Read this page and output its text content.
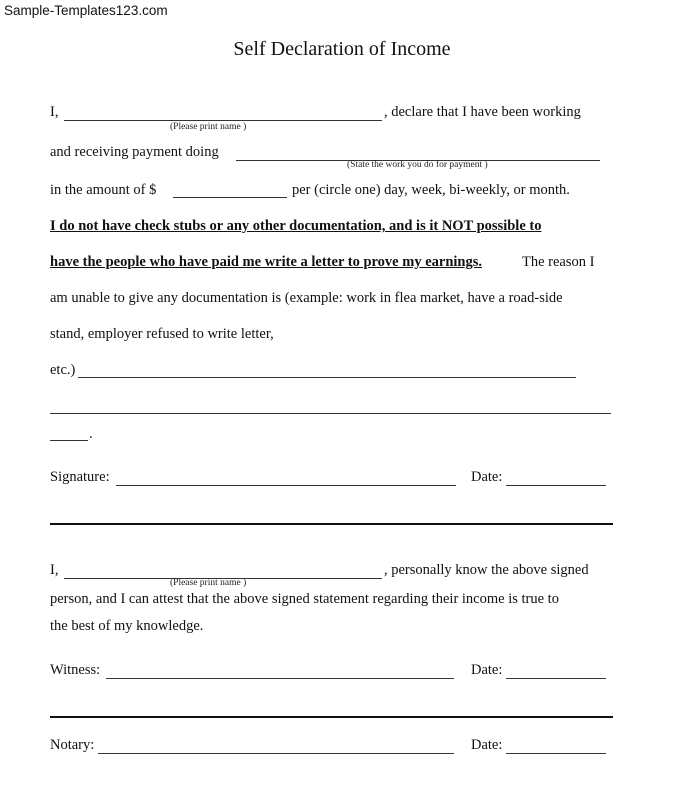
Sample-Templates123.com
Self Declaration of Income
I,	, declare that I have been working
(Please print name )
and receiving payment doing
(State the work you do for payment )
in the amount of $	per (circle one) day, week, bi-weekly, or month.
I do not have check stubs or any other documentation, and is it NOT possible to
have the people who have paid me write a letter to prove my earnings.	The reason I
am unable to give any documentation is (example: work in flea market, have a road-side
stand, employer refused to write letter,
etc.)
.
Signature:	Date:
I,	, personally know the above signed
(Please print name )
person, and I can attest that the above signed statement regarding their income is true to
the best of my knowledge.
Witness:	Date:
Notary:	Date:
